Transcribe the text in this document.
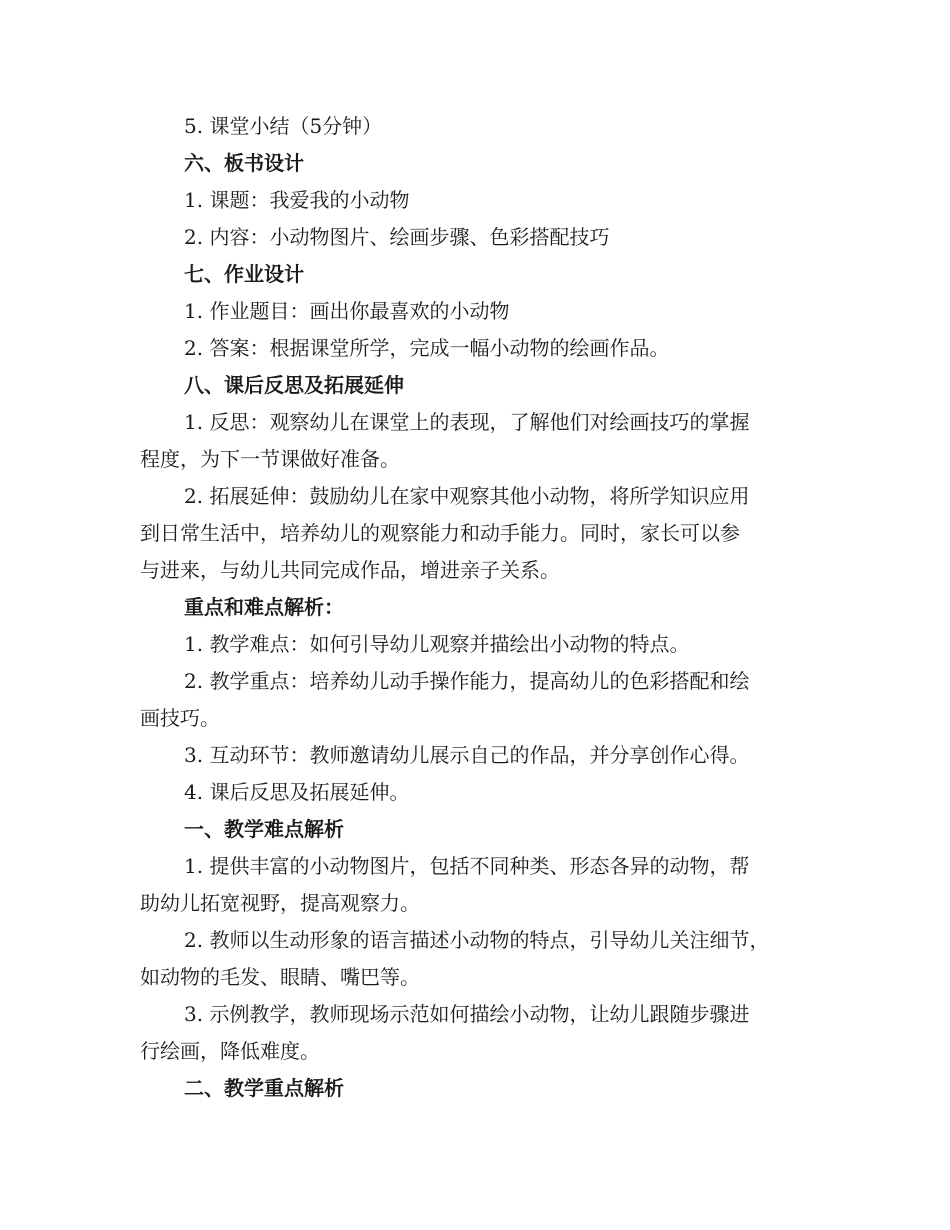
5. 课堂小结（5分钟）
六、板书设计
1. 课题：我爱我的小动物
2. 内容：小动物图片、绘画步骤、色彩搭配技巧
七、作业设计
1. 作业题目：画出你最喜欢的小动物
2. 答案：根据课堂所学，完成一幅小动物的绘画作品。
八、课后反思及拓展延伸
1. 反思：观察幼儿在课堂上的表现，了解他们对绘画技巧的掌握
程度，为下一节课做好准备。
2. 拓展延伸：鼓励幼儿在家中观察其他小动物，将所学知识应用
到日常生活中，培养幼儿的观察能力和动手能力。同时，家长可以参
与进来，与幼儿共同完成作品，增进亲子关系。
重点和难点解析：
1. 教学难点：如何引导幼儿观察并描绘出小动物的特点。
2. 教学重点：培养幼儿动手操作能力，提高幼儿的色彩搭配和绘
画技巧。
3. 互动环节：教师邀请幼儿展示自己的作品，并分享创作心得。
4. 课后反思及拓展延伸。
一、教学难点解析
1. 提供丰富的小动物图片，包括不同种类、形态各异的动物，帮
助幼儿拓宽视野，提高观察力。
2. 教师以生动形象的语言描述小动物的特点，引导幼儿关注细节，
如动物的毛发、眼睛、嘴巴等。
3. 示例教学，教师现场示范如何描绘小动物，让幼儿跟随步骤进
行绘画，降低难度。
二、教学重点解析
